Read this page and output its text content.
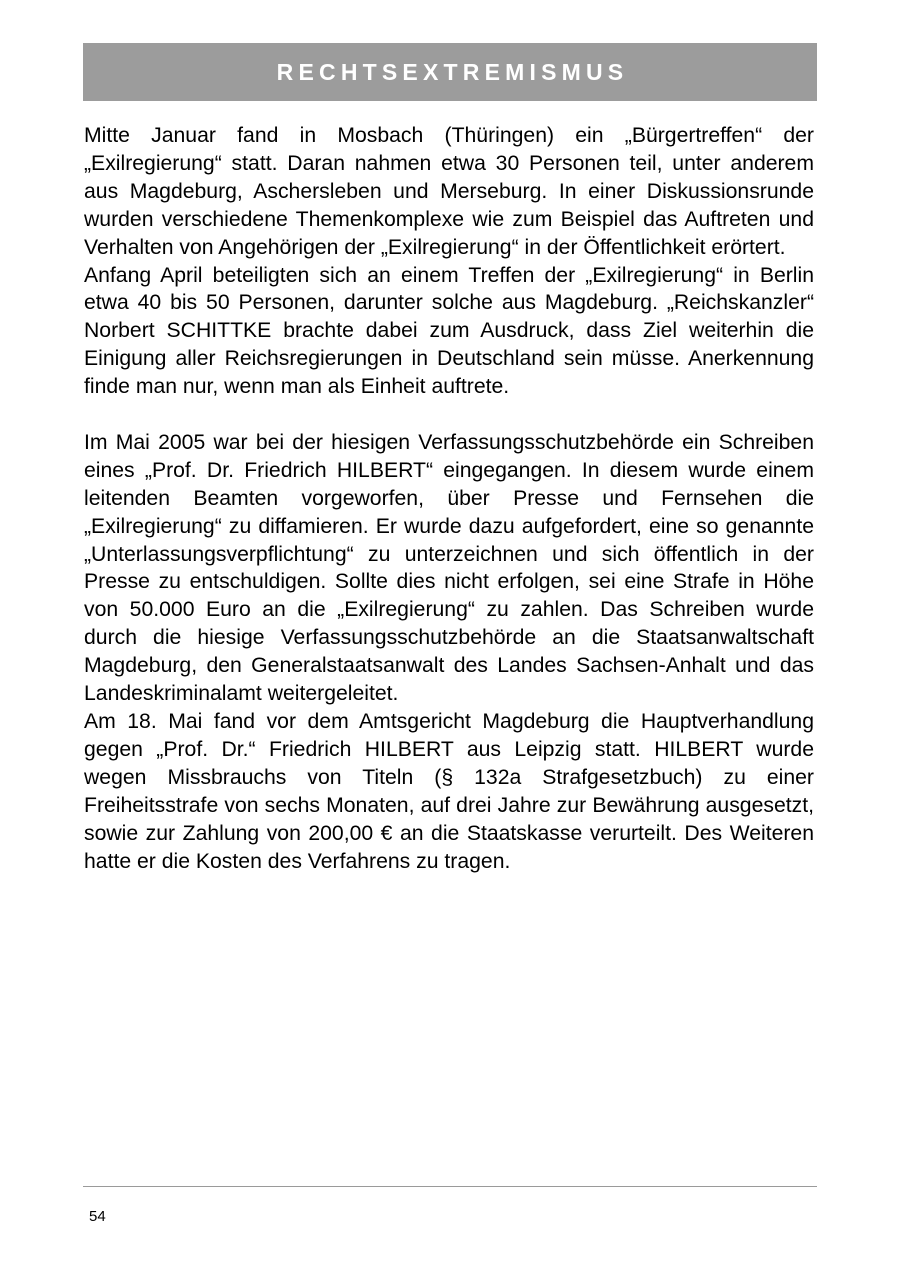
RECHTSEXTREMISMUS

Mitte Januar fand in Mosbach (Thüringen) ein „Bürgertreffen“ der „Exilregierung“ statt. Daran nahmen etwa 30 Personen teil, unter anderem aus Magdeburg, Aschersleben und Merseburg. In einer Diskussionsrunde wurden verschiedene Themenkomplexe wie zum Beispiel das Auftreten und Verhalten von Angehörigen der „Exilregierung“ in der Öffentlichkeit erörtert.

Anfang April beteiligten sich an einem Treffen der „Exilregierung“ in Berlin etwa 40 bis 50 Personen, darunter solche aus Magdeburg. „Reichskanzler“ Norbert SCHITTKE brachte dabei zum Ausdruck, dass Ziel weiterhin die Einigung aller Reichsregierungen in Deutschland sein müsse. Anerkennung finde man nur, wenn man als Einheit auftrete.

Im Mai 2005 war bei der hiesigen Verfassungsschutzbehörde ein Schreiben eines „Prof. Dr. Friedrich HILBERT“ eingegangen. In diesem wurde einem leitenden Beamten vorgeworfen, über Presse und Fernsehen die „Exilregierung“ zu diffamieren. Er wurde dazu aufgefordert, eine so genannte „Unterlassungsverpflichtung“ zu unterzeichnen und sich öffentlich in der Presse zu entschuldigen. Sollte dies nicht erfolgen, sei eine Strafe in Höhe von 50.000 Euro an die „Exilregierung“ zu zahlen. Das Schreiben wurde durch die hiesige Verfassungsschutzbehörde an die Staatsanwaltschaft Magdeburg, den Generalstaatsanwalt des Landes Sachsen-Anhalt und das Landeskriminalamt weitergeleitet.

Am 18. Mai fand vor dem Amtsgericht Magdeburg die Hauptverhandlung gegen „Prof. Dr.“ Friedrich HILBERT aus Leipzig statt. HILBERT wurde wegen Missbrauchs von Titeln (§ 132a Strafgesetzbuch) zu einer Freiheitsstrafe von sechs Monaten, auf drei Jahre zur Bewährung ausgesetzt, sowie zur Zahlung von 200,00 € an die Staatskasse verurteilt. Des Weiteren hatte er die Kosten des Verfahrens zu tragen.

54
